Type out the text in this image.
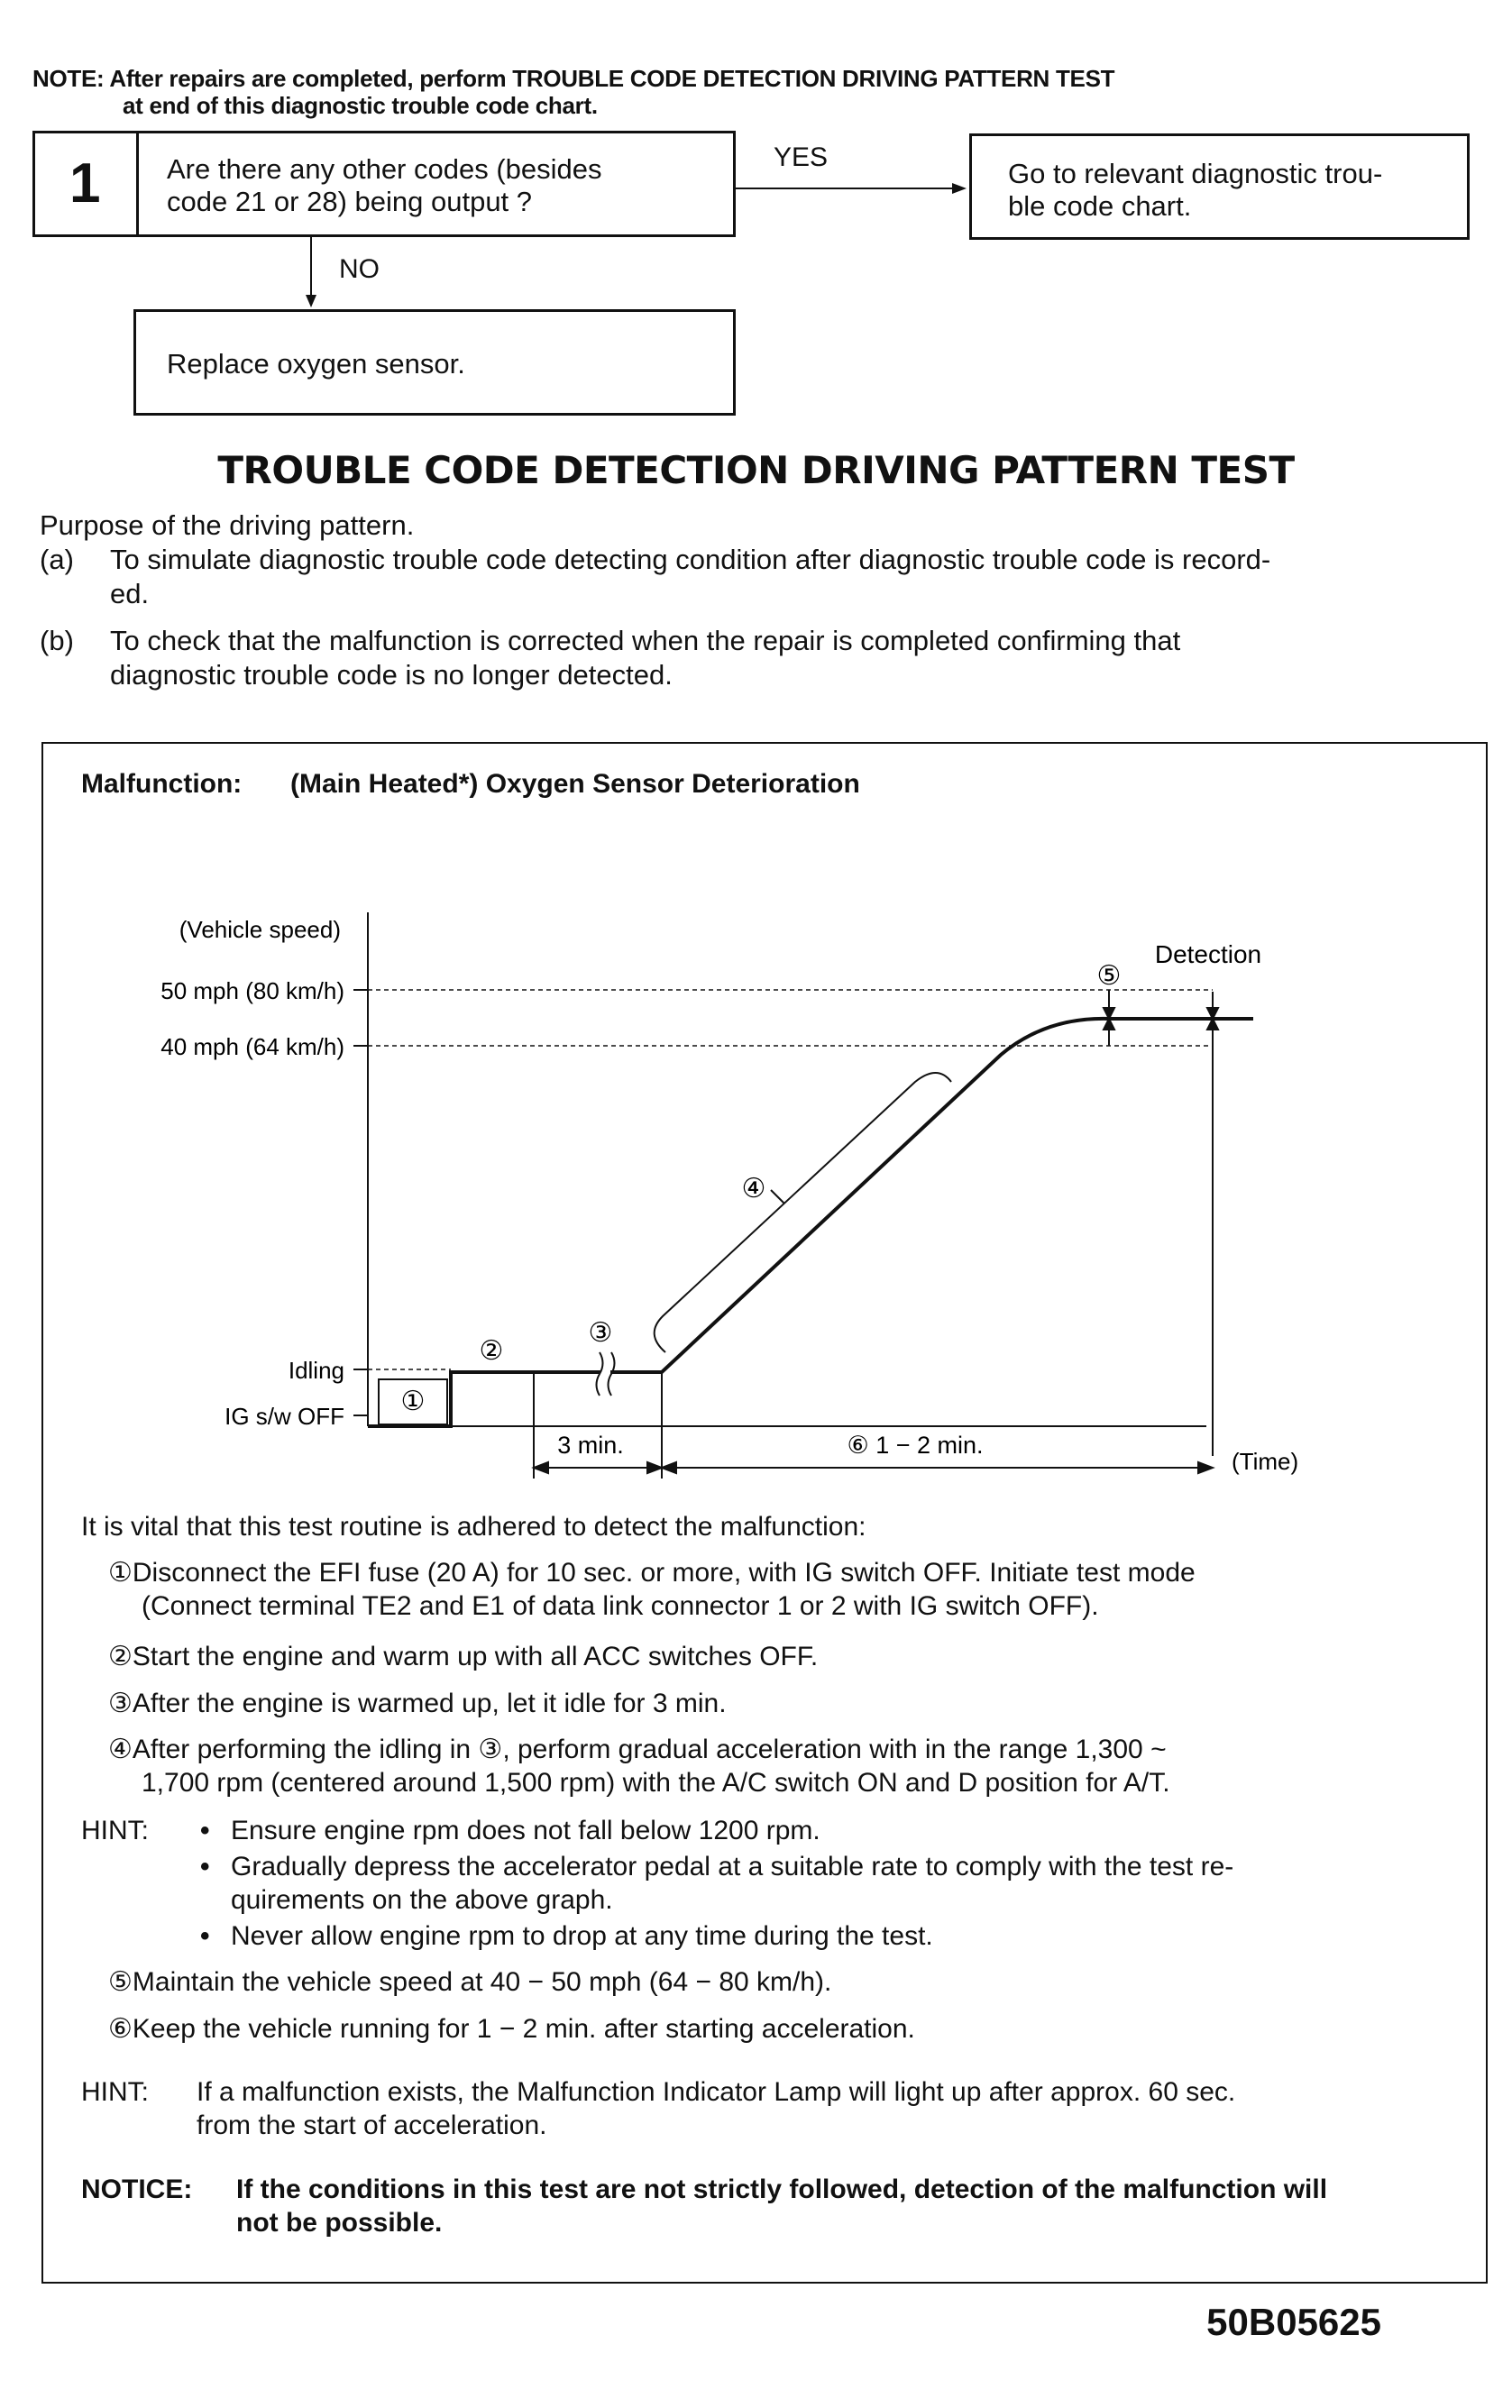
NOTE: After repairs are completed, perform TROUBLE CODE DETECTION DRIVING PATTERN TEST
at end of this diagnostic trouble code chart.
1 Are there any other codes (besides
code 21 or 28) being output ?
YES
Go to relevant diagnostic trou-
ble code chart.
NO
Replace oxygen sensor.
TROUBLE CODE DETECTION DRIVING PATTERN TEST
Purpose of the driving pattern.
(a) To simulate diagnostic trouble code detecting condition after diagnostic trouble code is record-
ed.
(b) To check that the malfunction is corrected when the repair is completed confirming that
diagnostic trouble code is no longer detected.
Malfunction: (Main Heated*) Oxygen Sensor Deterioration
(Vehicle speed)
50 mph (80 km/h)
40 mph (64 km/h)
Idling
IG s/w OFF
Detection
(Time)
3 min.	⑥ 1 − 2 min.
①
②
③
④
⑤
It is vital that this test routine is adhered to detect the malfunction:
①Disconnect the EFI fuse (20 A) for 10 sec. or more, with IG switch OFF. Initiate test mode
(Connect terminal TE2 and E1 of data link connector 1 or 2 with IG switch OFF).
②Start the engine and warm up with all ACC switches OFF.
③After the engine is warmed up, let it idle for 3 min.
④After performing the idling in ③, perform gradual acceleration with in the range 1,300 ~
1,700 rpm (centered around 1,500 rpm) with the A/C switch ON and D position for A/T.
HINT: • Ensure engine rpm does not fall below 1200 rpm.
• Gradually depress the accelerator pedal at a suitable rate to comply with the test re-
quirements on the above graph.
• Never allow engine rpm to drop at any time during the test.
⑤Maintain the vehicle speed at 40 − 50 mph (64 − 80 km/h).
⑥Keep the vehicle running for 1 − 2 min. after starting acceleration.
HINT: If a malfunction exists, the Malfunction Indicator Lamp will light up after approx. 60 sec.
from the start of acceleration.
NOTICE: If the conditions in this test are not strictly followed, detection of the malfunction will
not be possible.
50B05625
